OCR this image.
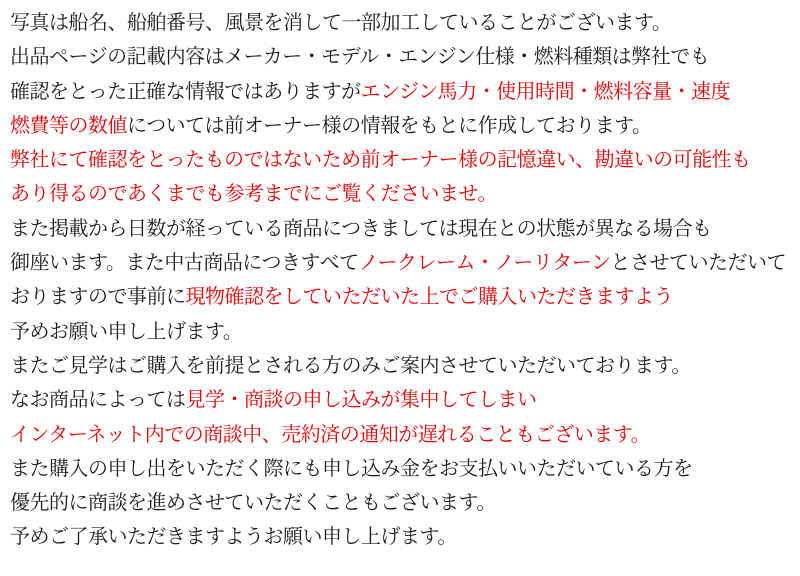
写真は船名、船舶番号、風景を消して一部加工していることがございます。

出品ページの記載内容はメーカー・モデル・エンジン仕様・燃料種類は弊社でも

確認をとった正確な情報ではありますがエンジン馬力・使用時間・燃料容量・速度

燃費等の数値については前オーナー様の情報をもとに作成しております。

弊社にて確認をとったものではないため前オーナー様の記憶違い、勘違いの可能性も

あり得るのであくまでも参考までにご覧くださいませ。

また掲載から日数が経っている商品につきましては現在との状態が異なる場合も

御座います。また中古商品につきすべてノークレーム・ノーリターンとさせていただいて

おりますので事前に現物確認をしていただいた上でご購入いただきますよう

予めお願い申し上げます。

またご見学はご購入を前提とされる方のみご案内させていただいております。

なお商品によっては見学・商談の申し込みが集中してしまい

インターネット内での商談中、売約済の通知が遅れることもございます。

また購入の申し出をいただく際にも申し込み金をお支払いいただいている方を

優先的に商談を進めさせていただくこともございます。

予めご了承いただきますようお願い申し上げます。
